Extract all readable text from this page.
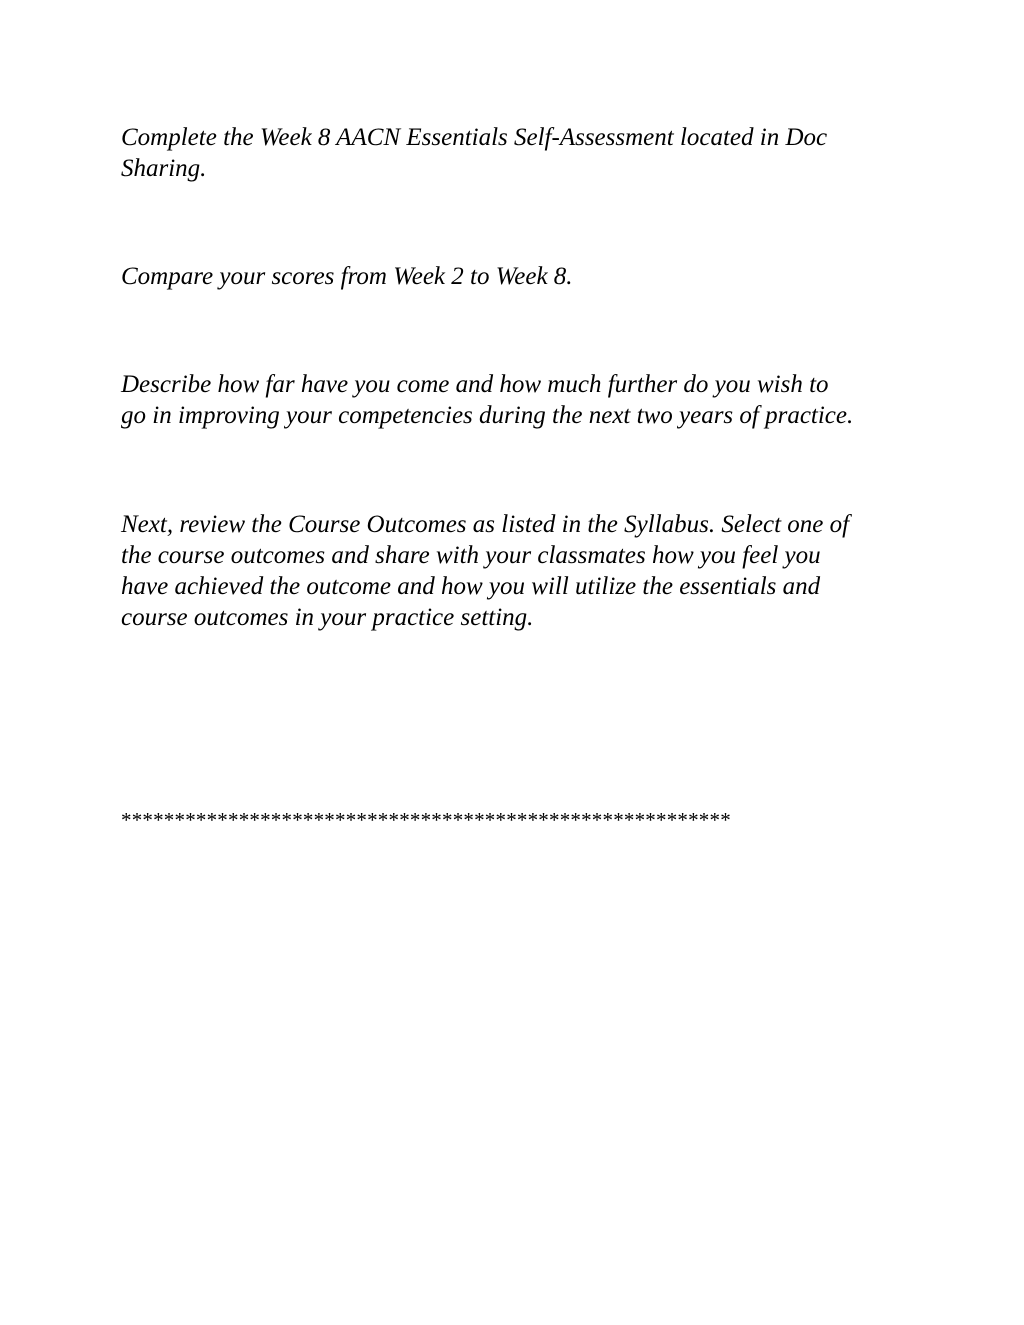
Complete the Week 8 AACN Essentials Self-Assessment located in Doc
Sharing.

Compare your scores from Week 2 to Week 8.

Describe how far have you come and how much further do you wish to
go in improving your competencies during the next two years of practice.

Next, review the Course Outcomes as listed in the Syllabus. Select one of
the course outcomes and share with your classmates how you feel you
have achieved the outcome and how you will utilize the essentials and
course outcomes in your practice setting.

*********************************************************
